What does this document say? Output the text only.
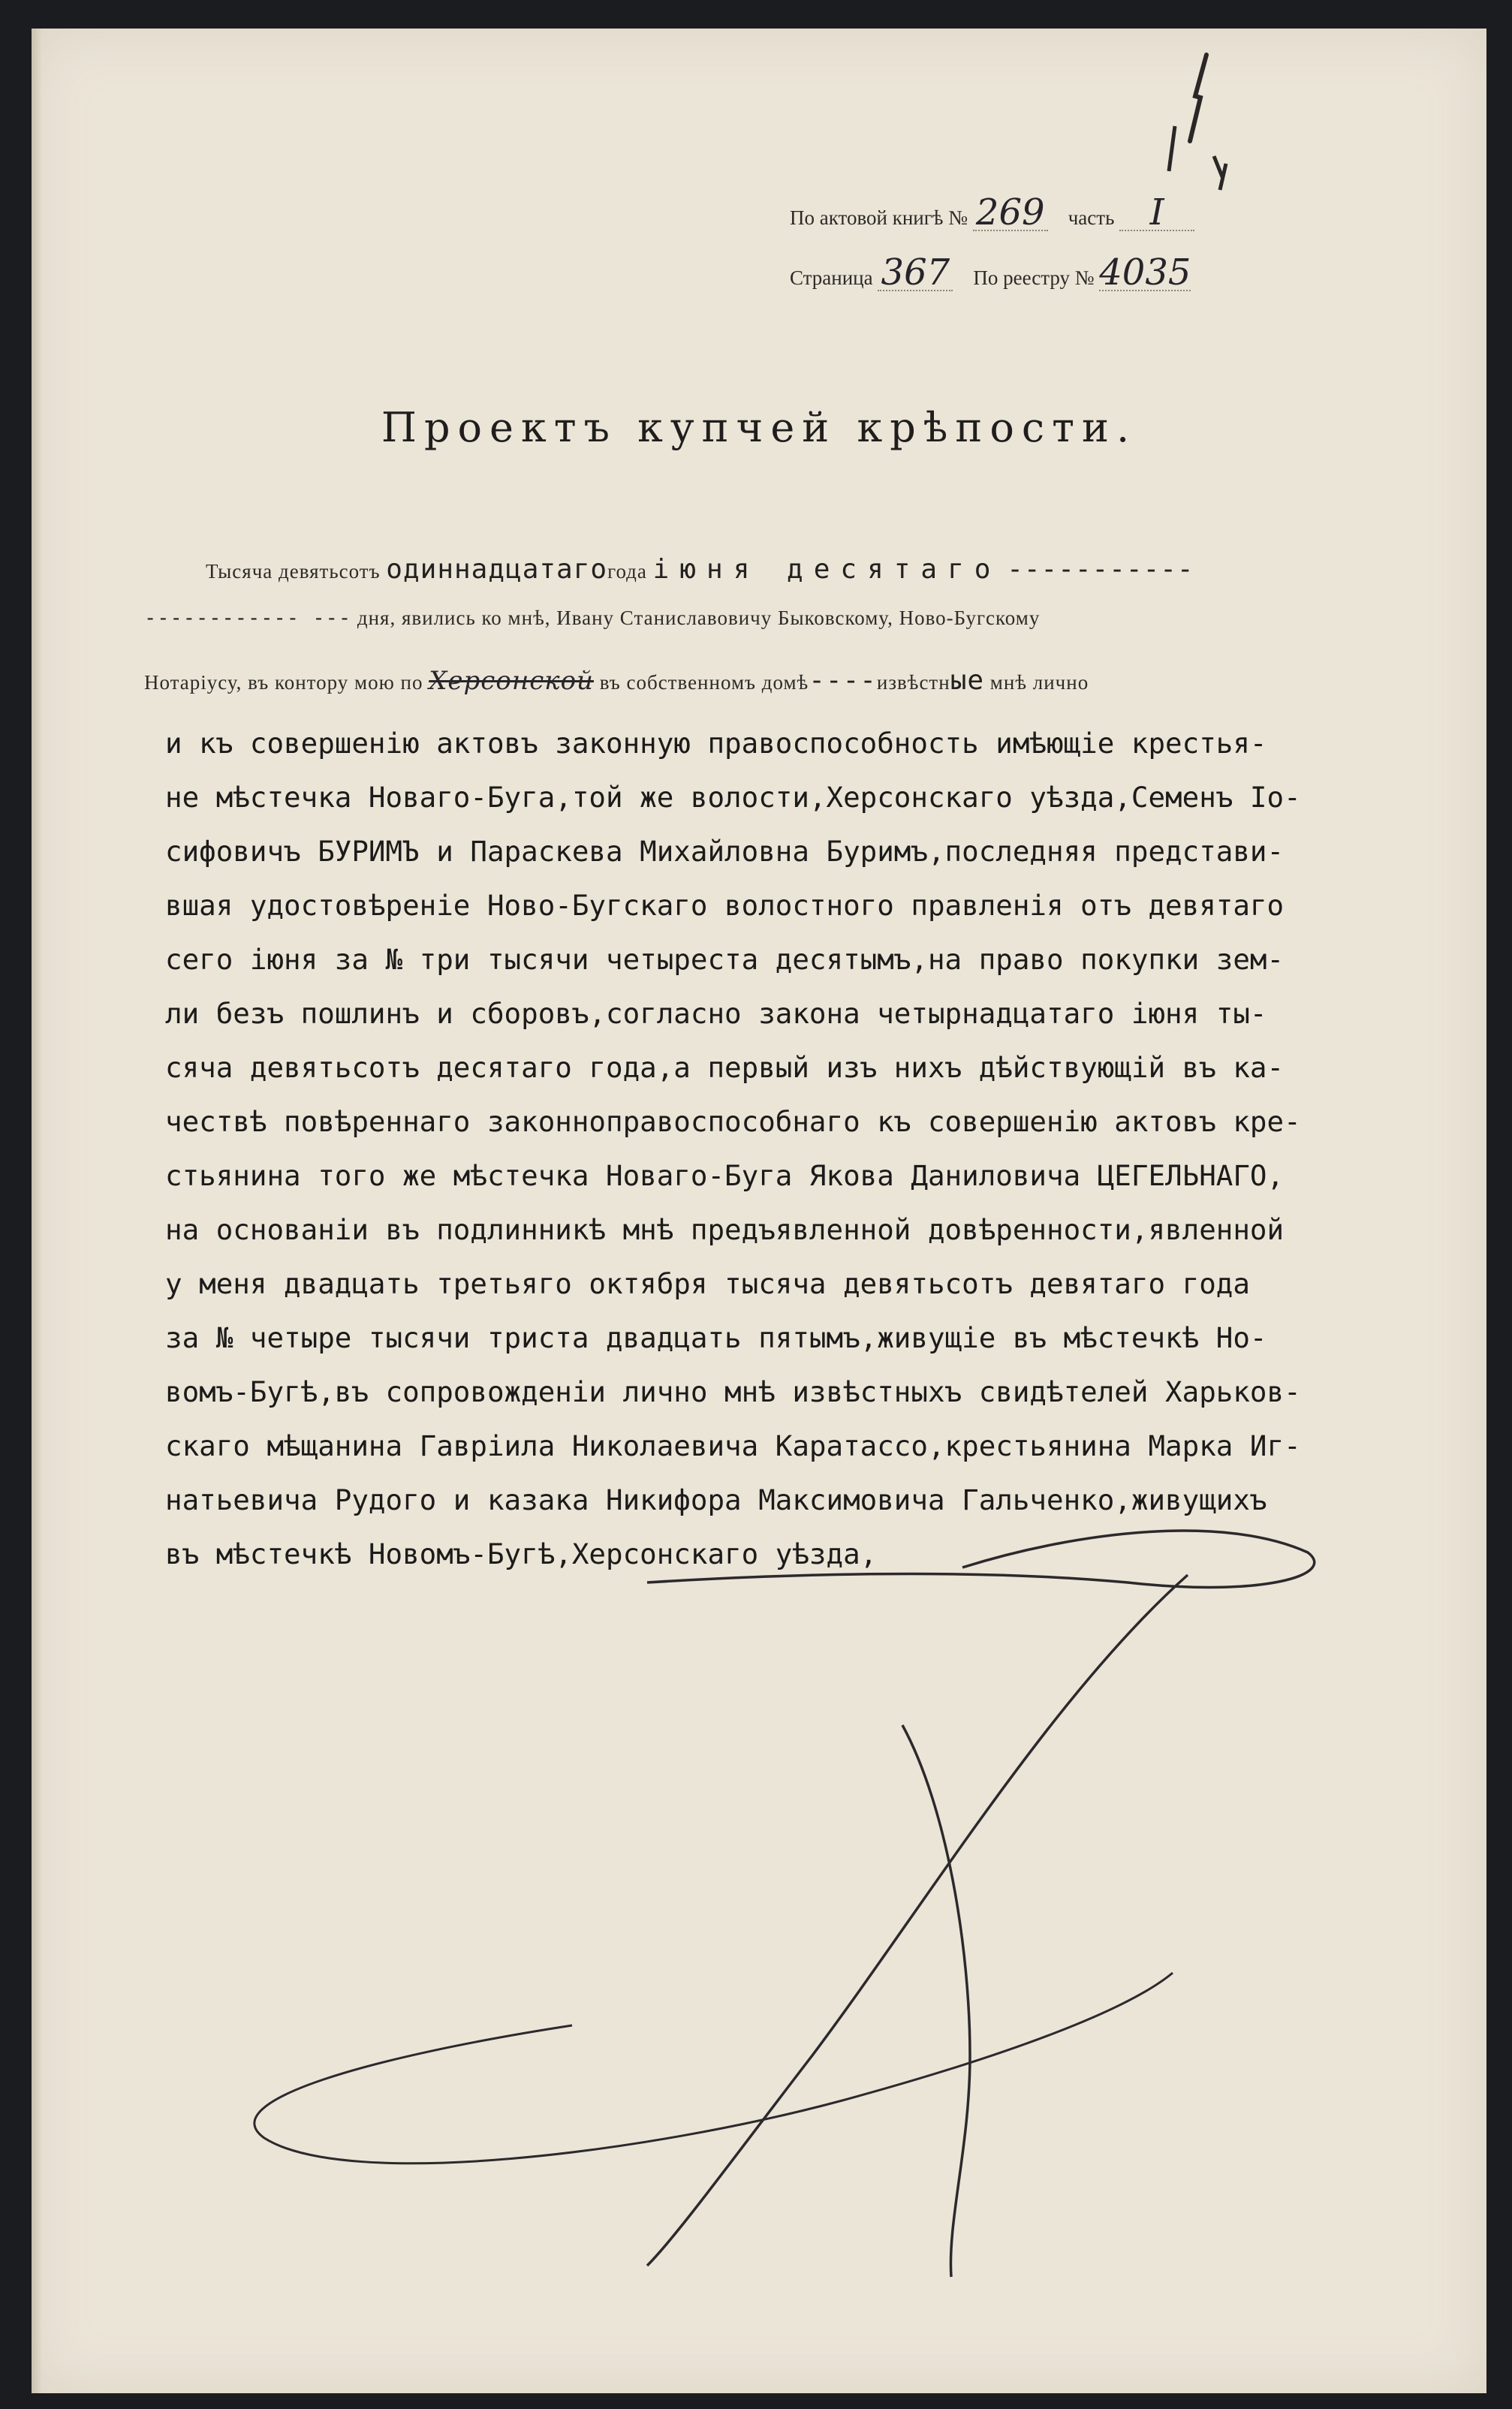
По актовой книгѣ № 269 часть I
Страница 367 По реестру № 4035
Проектъ купчей крѣпости.
Тысяча девятьсотъ одиннадцатагогода іюня десятаго -----------
------------ --- дня, явились ко мнѣ, Ивану Станиславовичу Быковскому, Ново-Бугскому
Нотаріусу, въ контору мою по Херсонской въ собственномъ домѣ----извѣстные мнѣ лично
и къ совершенію актовъ законную правоспособность имѣющіе крестья-
не мѣстечка Новаго-Буга,той же волости,Херсонскаго уѣзда,Семенъ Іо-
сифовичъ БУРИМЪ и Параскева Михайловна Буримъ,последняя представи-
вшая удостовѣреніе Ново-Бугскаго волостного правленія отъ девятаго
сего іюня за № три тысячи четыреста десятымъ,на право покупки зем-
ли безъ пошлинъ и сборовъ,согласно закона четырнадцатаго іюня ты-
сяча девятьсотъ десятаго года,а первый изъ нихъ дѣйствующій въ ка-
чествѣ повѣреннаго законноправоспособнаго къ совершенію актовъ кре-
стьянина того же мѣстечка Новаго-Буга Якова Даниловича ЦЕГЕЛЬНАГО,
на основаніи въ подлинникѣ мнѣ предъявленной довѣренности,явленной
у меня двадцать третьяго октября тысяча девятьсотъ девятаго года
за № четыре тысячи триста двадцать пятымъ,живущіе въ мѣстечкѣ Но-
вомъ-Бугѣ,въ сопровожденіи лично мнѣ извѣстныхъ свидѣтелей Харьков-
скаго мѣщанина Гавріила Николаевича Каратассо,крестьянина Марка Иг-
натьевича Рудого и казака Никифора Максимовича Гальченко,живущихъ
въ мѣстечкѣ Новомъ-Бугѣ,Херсонскаго уѣзда,
